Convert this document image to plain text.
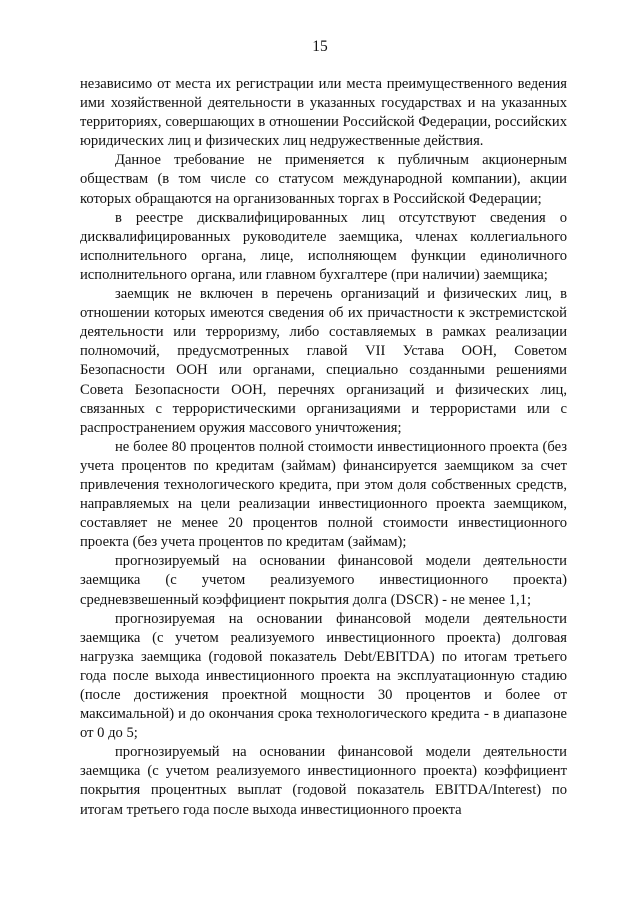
15

независимо от места их регистрации или места преимущественного ведения ими хозяйственной деятельности в указанных государствах и на указанных территориях, совершающих в отношении Российской Федерации, российских юридических лиц и физических лиц недружественные действия.

Данное требование не применяется к публичным акционерным обществам (в том числе со статусом международной компании), акции которых обращаются на организованных торгах в Российской Федерации;

в реестре дисквалифицированных лиц отсутствуют сведения о дисквалифицированных руководителе заемщика, членах коллегиального исполнительного органа, лице, исполняющем функции единоличного исполнительного органа, или главном бухгалтере (при наличии) заемщика;

заемщик не включен в перечень организаций и физических лиц, в отношении которых имеются сведения об их причастности к экстремистской деятельности или терроризму, либо составляемых в рамках реализации полномочий, предусмотренных главой VII Устава ООН, Советом Безопасности ООН или органами, специально созданными решениями Совета Безопасности ООН, перечнях организаций и физических лиц, связанных с террористическими организациями и террористами или с распространением оружия массового уничтожения;

не более 80 процентов полной стоимости инвестиционного проекта (без учета процентов по кредитам (займам) финансируется заемщиком за счет привлечения технологического кредита, при этом доля собственных средств, направляемых на цели реализации инвестиционного проекта заемщиком, составляет не менее 20 процентов полной стоимости инвестиционного проекта (без учета процентов по кредитам (займам);

прогнозируемый на основании финансовой модели деятельности заемщика (с учетом реализуемого инвестиционного проекта) средневзвешенный коэффициент покрытия долга (DSCR) - не менее 1,1;

прогнозируемая на основании финансовой модели деятельности заемщика (с учетом реализуемого инвестиционного проекта) долговая нагрузка заемщика (годовой показатель Debt/EBITDA) по итогам третьего года после выхода инвестиционного проекта на эксплуатационную стадию (после достижения проектной мощности 30 процентов и более от максимальной) и до окончания срока технологического кредита - в диапазоне от 0 до 5;

прогнозируемый на основании финансовой модели деятельности заемщика (с учетом реализуемого инвестиционного проекта) коэффициент покрытия процентных выплат (годовой показатель EBITDA/Interest) по итогам третьего года после выхода инвестиционного проекта
